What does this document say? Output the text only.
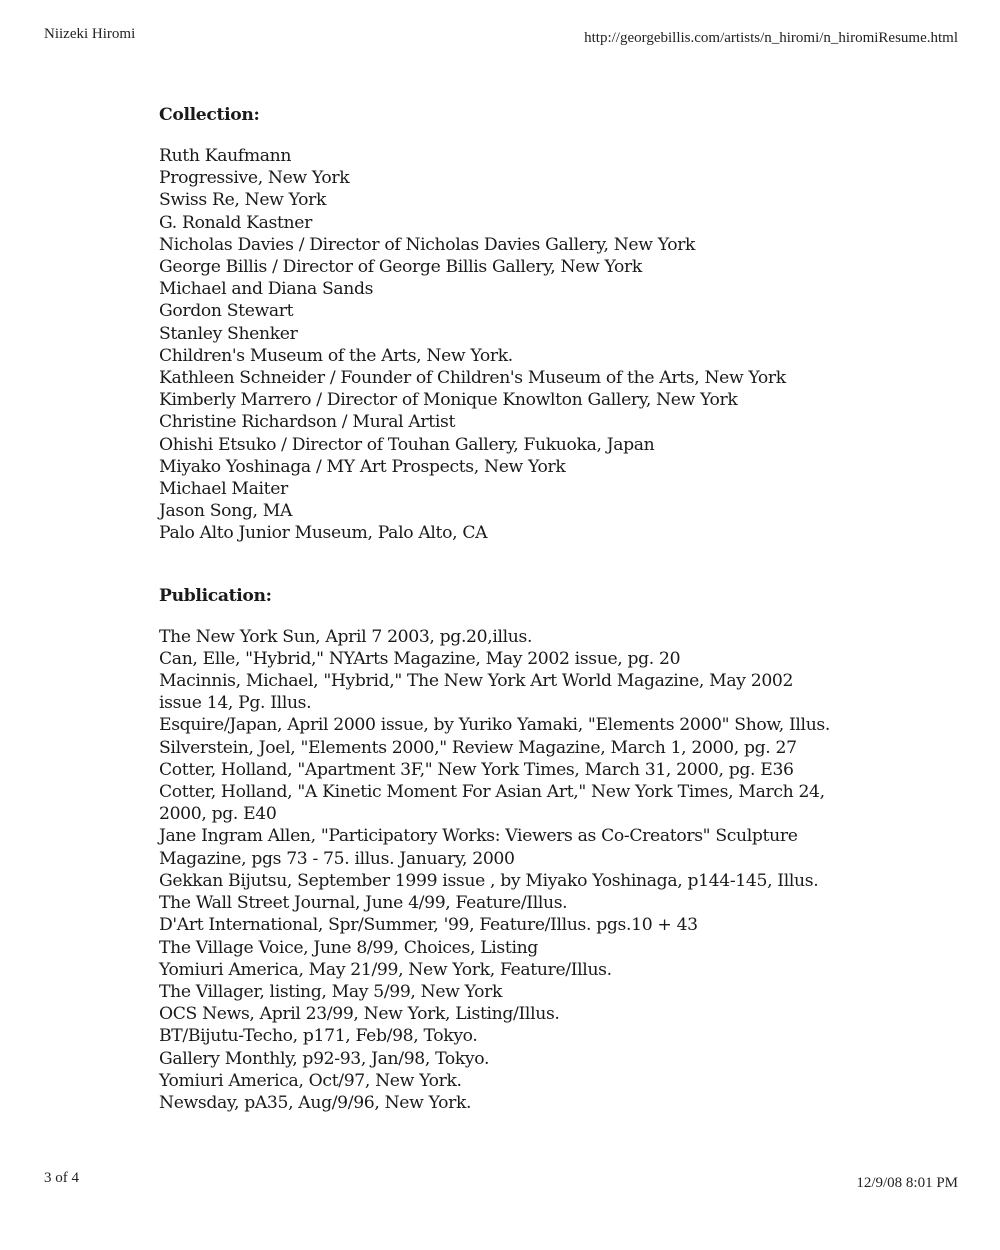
Niizeki Hiromi	http://georgebillis.com/artists/n_hiromi/n_hiromiResume.html
Collection:
Ruth Kaufmann
Progressive, New York
Swiss Re, New York
G. Ronald Kastner
Nicholas Davies / Director of Nicholas Davies Gallery, New York
George Billis / Director of George Billis Gallery, New York
Michael and Diana Sands
Gordon Stewart
Stanley Shenker
Children's Museum of the Arts, New York.
Kathleen Schneider / Founder of Children's Museum of the Arts, New York
Kimberly Marrero / Director of Monique Knowlton Gallery, New York
Christine Richardson / Mural Artist
Ohishi Etsuko / Director of Touhan Gallery, Fukuoka, Japan
Miyako Yoshinaga / MY Art Prospects, New York
Michael Maiter
Jason Song, MA
Palo Alto Junior Museum, Palo Alto, CA
Publication:
The New York Sun, April 7 2003, pg.20,illus.
Can, Elle, "Hybrid," NYArts Magazine, May 2002 issue, pg. 20
Macinnis, Michael, "Hybrid," The New York Art World Magazine, May 2002
issue 14, Pg. Illus.
Esquire/Japan, April 2000 issue, by Yuriko Yamaki, "Elements 2000" Show, Illus.
Silverstein, Joel, "Elements 2000," Review Magazine, March 1, 2000, pg. 27
Cotter, Holland, "Apartment 3F," New York Times, March 31, 2000, pg. E36
Cotter, Holland, "A Kinetic Moment For Asian Art," New York Times, March 24,
2000, pg. E40
Jane Ingram Allen, "Participatory Works: Viewers as Co-Creators" Sculpture
Magazine, pgs 73 - 75. illus. January, 2000
Gekkan Bijutsu, September 1999 issue , by Miyako Yoshinaga, p144-145, Illus.
The Wall Street Journal, June 4/99, Feature/Illus.
D'Art International, Spr/Summer, '99, Feature/Illus. pgs.10 + 43
The Village Voice, June 8/99, Choices, Listing
Yomiuri America, May 21/99, New York, Feature/Illus.
The Villager, listing, May 5/99, New York
OCS News, April 23/99, New York, Listing/Illus.
BT/Bijutu-Techo, p171, Feb/98, Tokyo.
Gallery Monthly, p92-93, Jan/98, Tokyo.
Yomiuri America, Oct/97, New York.
Newsday, pA35, Aug/9/96, New York.
3 of 4	12/9/08 8:01 PM
